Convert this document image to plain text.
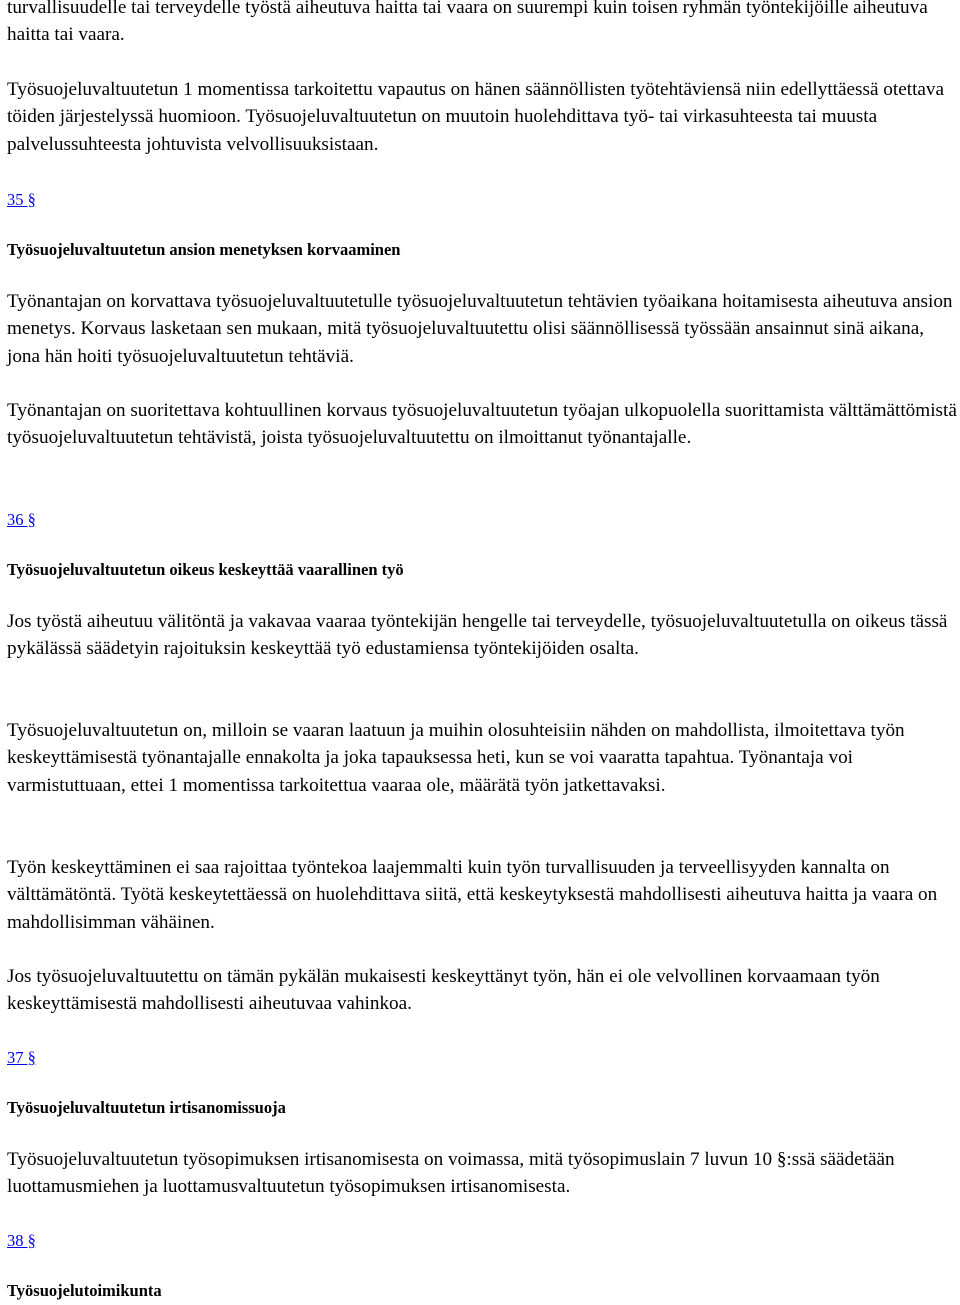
turvallisuudelle tai terveydelle työstä aiheutuva haitta tai vaara on suurempi kuin toisen ryhmän työntekijöille aiheutuva haitta tai vaara.

Työsuojeluvaltuutetun 1 momentissa tarkoitettu vapautus on hänen säännöllisten työtehtäviensä niin edellyttäessä otettava töiden järjestelyssä huomioon. Työsuojeluvaltuutetun on muutoin huolehdittava työ- tai virkasuhteesta tai muusta palvelussuhteesta johtuvista velvollisuuksistaan.

35 §
Työsuojeluvaltuutetun ansion menetyksen korvaaminen

Työnantajan on korvattava työsuojeluvaltuutetulle työsuojeluvaltuutetun tehtävien työaikana hoitamisesta aiheutuva ansion menetys. Korvaus lasketaan sen mukaan, mitä työsuojeluvaltuutettu olisi säännöllisessä työssään ansainnut sinä aikana, jona hän hoiti työsuojeluvaltuutetun tehtäviä.

Työnantajan on suoritettava kohtuullinen korvaus työsuojeluvaltuutetun työajan ulkopuolella suorittamista välttämättömistä työsuojeluvaltuutetun tehtävistä, joista työsuojeluvaltuutettu on ilmoittanut työnantajalle.

36 §
Työsuojeluvaltuutetun oikeus keskeyttää vaarallinen työ

Jos työstä aiheutuu välitöntä ja vakavaa vaaraa työntekijän hengelle tai terveydelle, työsuojeluvaltuutetulla on oikeus tässä pykälässä säädetyin rajoituksin keskeyttää työ edustamiensa työntekijöiden osalta.

Työsuojeluvaltuutetun on, milloin se vaaran laatuun ja muihin olosuhteisiin nähden on mahdollista, ilmoitettava työn keskeyttämisestä työnantajalle ennakolta ja joka tapauksessa heti, kun se voi vaaratta tapahtua. Työnantaja voi varmistuttuaan, ettei 1 momentissa tarkoitettua vaaraa ole, määrätä työn jatkettavaksi.

Työn keskeyttäminen ei saa rajoittaa työntekoa laajemmalti kuin työn turvallisuuden ja terveellisyyden kannalta on välttämätöntä. Työtä keskeytettäessä on huolehdittava siitä, että keskeytyksestä mahdollisesti aiheutuva haitta ja vaara on mahdollisimman vähäinen.

Jos työsuojeluvaltuutettu on tämän pykälän mukaisesti keskeyttänyt työn, hän ei ole velvollinen korvaamaan työn keskeyttämisestä mahdollisesti aiheutuvaa vahinkoa.

37 §
Työsuojeluvaltuutetun irtisanomissuoja

Työsuojeluvaltuutetun työsopimuksen irtisanomisesta on voimassa, mitä työsopimuslain 7 luvun 10 §:ssä säädetään luottamusmiehen ja luottamusvaltuutetun työsopimuksen irtisanomisesta.

38 §
Työsuojelutoimikunta
